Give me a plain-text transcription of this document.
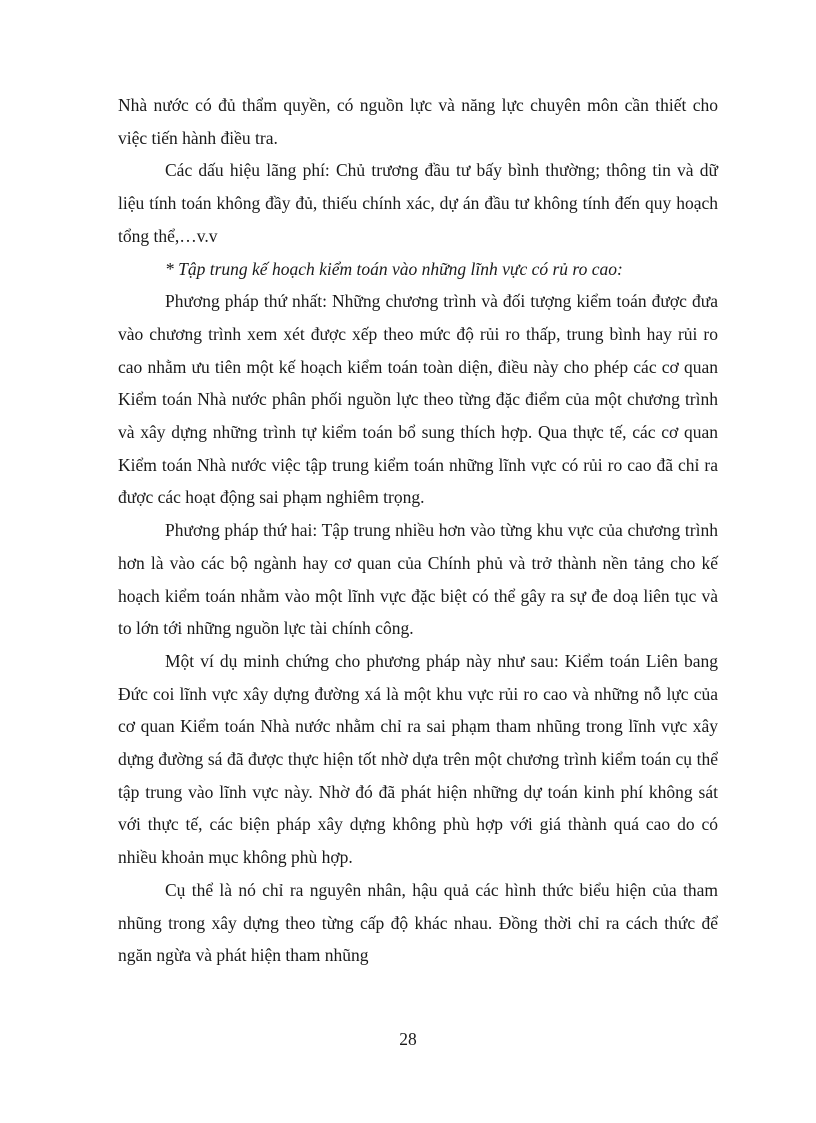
Nhà nước có đủ thẩm quyền, có nguồn lực và năng lực chuyên môn cần thiết cho việc tiến hành điều tra.

Các dấu hiệu lãng phí: Chủ trương đầu tư bấy bình thường; thông tin và dữ liệu tính toán không đầy đủ, thiếu chính xác, dự án đầu tư không tính đến quy hoạch tổng thể,…v.v

* Tập trung kế hoạch kiểm toán vào những lĩnh vực có rủ ro cao:

Phương pháp thứ nhất: Những chương trình và đối tượng kiểm toán được đưa vào chương trình xem xét được xếp theo mức độ rủi ro thấp, trung bình hay rủi ro cao nhằm ưu tiên một kế hoạch kiểm toán toàn diện, điều này cho phép các cơ quan Kiểm toán Nhà nước phân phối nguồn lực theo từng đặc điểm của một chương trình và xây dựng những trình tự kiểm toán bổ sung thích hợp. Qua thực tế, các cơ quan Kiểm toán Nhà nước việc tập trung kiểm toán những lĩnh vực có rủi ro cao đã chỉ ra được các hoạt động sai phạm nghiêm trọng.

Phương pháp thứ hai: Tập trung nhiều hơn vào từng khu vực của chương trình hơn là vào các bộ ngành hay cơ quan của Chính phủ và trở thành nền tảng cho kế hoạch kiểm toán nhằm vào một lĩnh vực đặc biệt có thể gây ra sự đe doạ liên tục và to lớn tới những nguồn lực tài chính công.

Một ví dụ minh chứng cho phương pháp này như sau: Kiểm toán Liên bang Đức coi lĩnh vực xây dựng đường xá là một khu vực rủi ro cao và những nỗ lực của cơ quan Kiểm toán Nhà nước nhằm chỉ ra sai phạm tham nhũng trong lĩnh vực xây dựng đường sá đã được thực hiện tốt nhờ dựa trên một chương trình kiểm toán cụ thể tập trung vào lĩnh vực này. Nhờ đó đã phát hiện những dự toán kinh phí không sát với thực tế, các biện pháp xây dựng không phù hợp với giá thành quá cao do có nhiều khoản mục không phù hợp.

Cụ thể là nó chỉ ra nguyên nhân, hậu quả các hình thức biểu hiện của tham nhũng trong xây dựng theo từng cấp độ khác nhau. Đồng thời chỉ ra cách thức để ngăn ngừa và phát hiện tham nhũng

28
